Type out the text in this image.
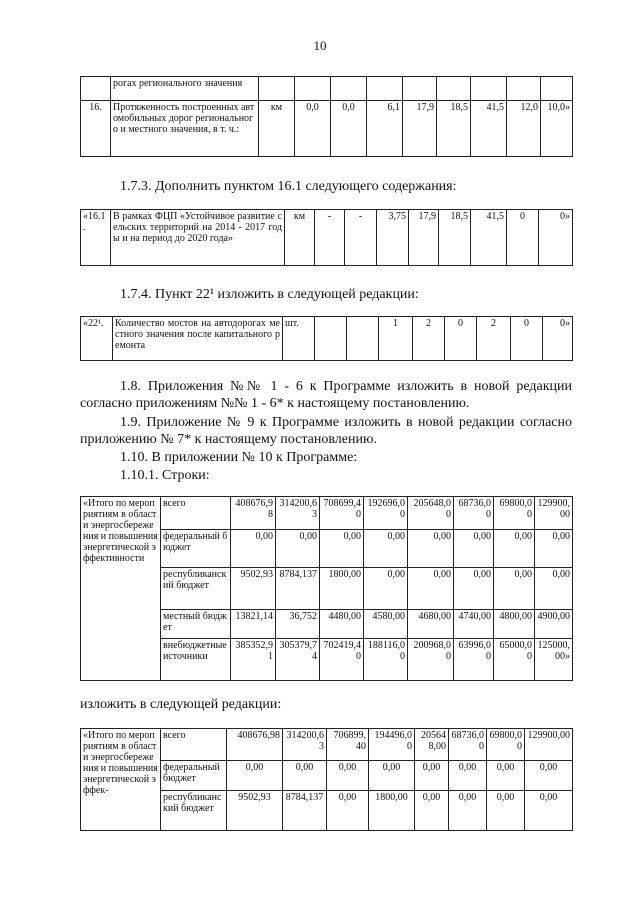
10
	рогах регионального значения									
16.	Протяженность построенных автомобильных дорог регионального и местного значения, в т. ч.:	км	0,0	0,0	6,1	17,9	18,5	41,5	12,0	10,0»
1.7.3. Дополнить пунктом 16.1 следующего содержания:
«16.1 .	В рамках ФЦП «Устойчивое развитие сельских территорий на 2014 - 2017 годы и на период до 2020 года»	км	-	-	3,75	17,9	18,5	41,5	0	0»
1.7.4. Пункт 22¹ изложить в следующей редакции:
«22¹.	Количество мостов на автодорогах местного значения после капитального ремонта	шт.			1	2	0	2	0	0»
1.8. Приложения №№ 1 - 6 к Программе изложить в новой редакции согласно приложениям №№ 1 - 6* к настоящему постановлению.
1.9. Приложение № 9 к Программе изложить в новой редакции согласно приложению № 7* к настоящему постановлению.
1.10. В приложении № 10 к Программе:
1.10.1. Строки:
«Итого по мероприятиям в области энергосбережения и повышения энергетической эффективности	всего	408676,98	314200,63	708699,40	192696,00	205648,00	68736,00	69800,00	129900,00
	федеральный бюджет	0,00	0,00	0,00	0,00	0,00	0,00	0,00	0,00
	республиканский бюджет	9502,93	8784,137	1800,00	0,00	0,00	0,00	0,00	0,00
	местный бюджет	13821,14	36,752	4480,00	4580,00	4680,00	4740,00	4800,00	4900,00
	внебюджетные источники	385352,91	305379,74	702419,40	188116,00	200968,00	63996,00	65000,00	125000,00»
изложить в следующей редакции:
«Итого по мероприятиям в области энергосбережения и повышения энергетической эффек-	всего	408676,98	314200,63	706899,40	194496,00	205648,00	68736,00	69800,00	129900,00
	федеральный бюджет	0,00	0,00	0,00	0,00	0,00	0,00	0,00	0,00
	республиканский бюджет	9502,93	8784,137	0,00	1800,00	0,00	0,00	0,00	0,00
